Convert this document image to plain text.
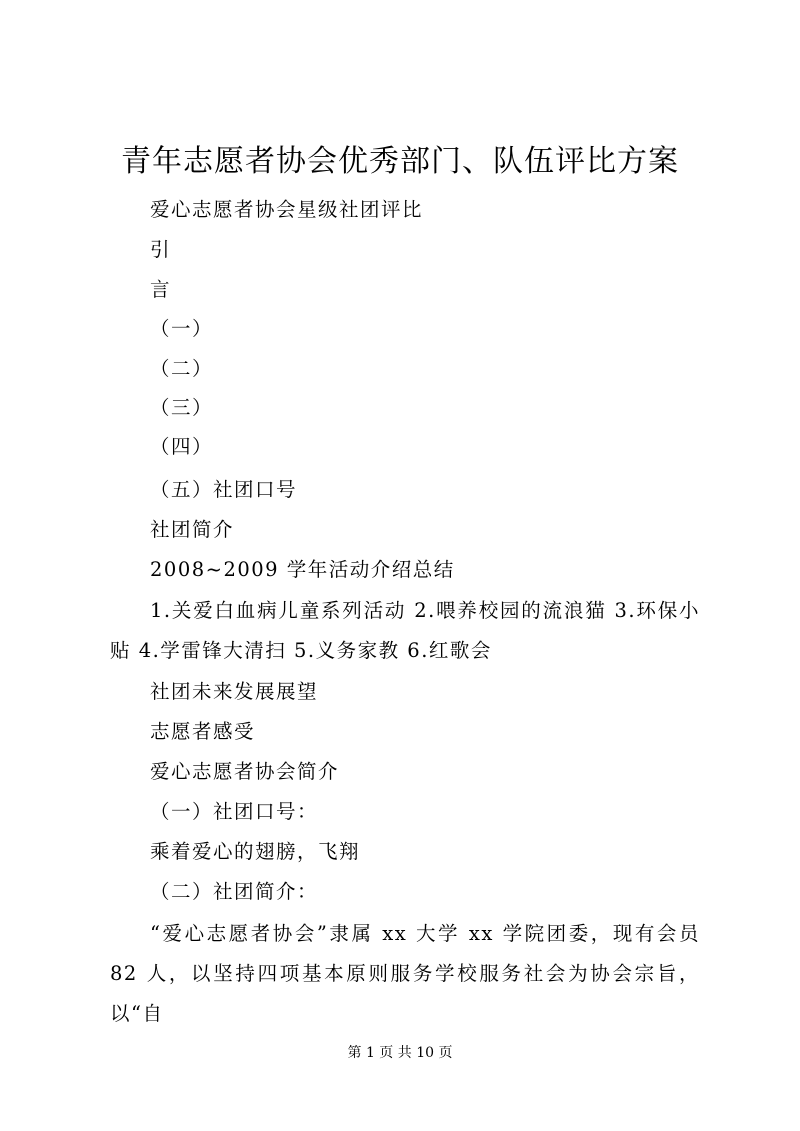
青年志愿者协会优秀部门、队伍评比方案
爱心志愿者协会星级社团评比
引
言
（一）
（二）
（三）
（四）
（五）社团口号
社团简介
2008~2009 学年活动介绍总结
1.关爱白血病儿童系列活动 2.喂养校园的流浪猫 3.环保小贴 4.学雷锋大清扫 5.义务家教 6.红歌会
社团未来发展展望
志愿者感受
爱心志愿者协会简介
（一）社团口号：
乘着爱心的翅膀，飞翔
（二）社团简介：
“爱心志愿者协会”隶属 xx 大学 xx 学院团委，现有会员 82 人，以坚持四项基本原则服务学校服务社会为协会宗旨，以“自
第 1 页 共 10 页
